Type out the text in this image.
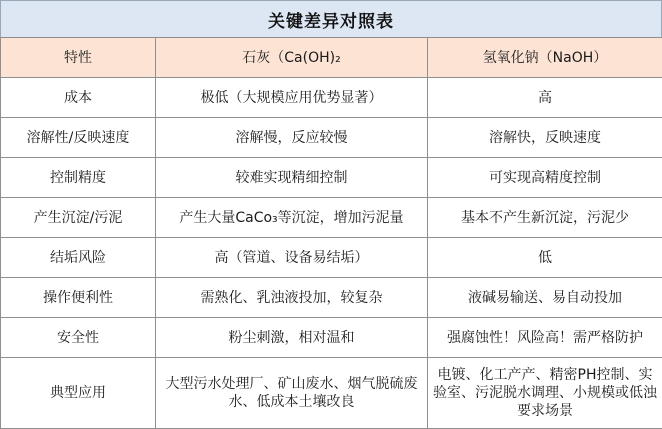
关键差异对照表
特性	石灰（Ca(OH)₂	氢氧化钠（NaOH）
成本	极低（大规模应用优势显著）	高
溶解性/反映速度	溶解慢，反应较慢	溶解快，反映速度
控制精度	较难实现精细控制	可实现高精度控制
产生沉淀/污泥	产生大量CaCo₃等沉淀，增加污泥量	基本不产生新沉淀，污泥少
结垢风险	高（管道、设备易结垢）	低
操作便利性	需熟化、乳浊液投加，较复杂	液碱易输送、易自动投加
安全性	粉尘刺激，相对温和	强腐蚀性！风险高！需严格防护
典型应用	大型污水处理厂、矿山废水、烟气脱硫废水、低成本土壤改良	电镀、化工产产、精密PH控制、实验室、污泥脱水调理、小规模或低浊要求场景
